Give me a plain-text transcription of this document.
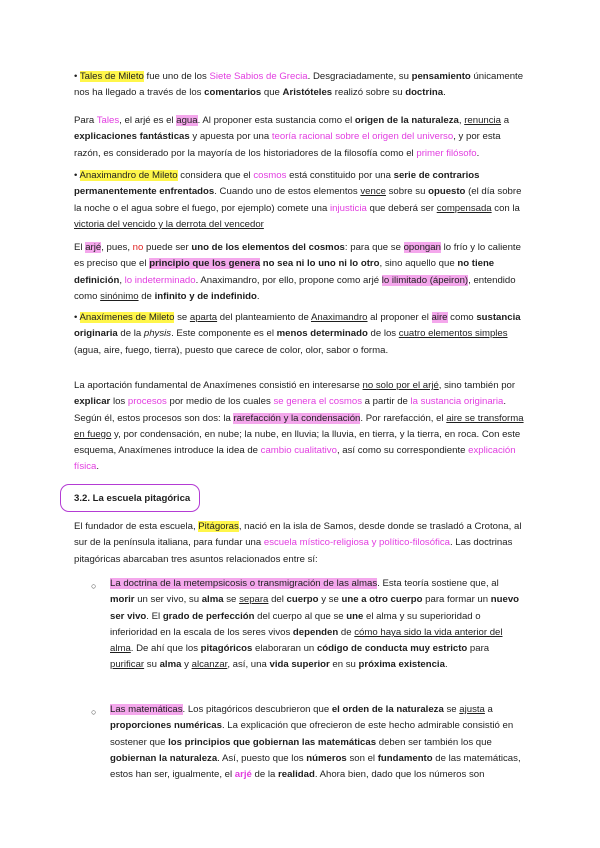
• Tales de Mileto fue uno de los Siete Sabios de Grecia. Desgraciadamente, su pensamiento únicamente nos ha llegado a través de los comentarios que Aristóteles realizó sobre su doctrina.

Para Tales, el arjé es el agua. Al proponer esta sustancia como el origen de la naturaleza, renuncia a explicaciones fantásticas y apuesta por una teoría racional sobre el origen del universo, y por esta razón, es considerado por la mayoría de los historiadores de la filosofía como el primer filósofo.

• Anaximandro de Mileto considera que el cosmos está constituido por una serie de contrarios permanentemente enfrentados. Cuando uno de estos elementos vence sobre su opuesto (el día sobre la noche o el agua sobre el fuego, por ejemplo) comete una injusticia que deberá ser compensada con la victoria del vencido y la derrota del vencedor

El arjé, pues, no puede ser uno de los elementos del cosmos: para que se opongan lo frío y lo caliente es preciso que el principio que los genera no sea ni lo uno ni lo otro, sino aquello que no tiene definición, lo indeterminado. Anaximandro, por ello, propone como arjé lo ilimitado (ápeiron), entendido como sinónimo de infinito y de indefinido.

• Anaxímenes de Mileto se aparta del planteamiento de Anaximandro al proponer el aire como sustancia originaria de la physis. Este componente es el menos determinado de los cuatro elementos simples (agua, aire, fuego, tierra), puesto que carece de color, olor, sabor o forma.

La aportación fundamental de Anaxímenes consistió en interesarse no solo por el arjé, sino también por explicar los procesos por medio de los cuales se genera el cosmos a partir de la sustancia originaria. Según él, estos procesos son dos: la rarefacción y la condensación. Por rarefacción, el aire se transforma en fuego y, por condensación, en nube; la nube, en lluvia; la lluvia, en tierra, y la tierra, en roca. Con este esquema, Anaxímenes introduce la idea de cambio cualitativo, así como su correspondiente explicación física.

3.2. La escuela pitagórica

El fundador de esta escuela, Pitágoras, nació en la isla de Samos, desde donde se trasladó a Crotona, al sur de la península italiana, para fundar una escuela místico-religiosa y político-filosófica. Las doctrinas pitagóricas abarcaban tres asuntos relacionados entre sí:

○ La doctrina de la metempsicosis o transmigración de las almas. Esta teoría sostiene que, al morir un ser vivo, su alma se separa del cuerpo y se une a otro cuerpo para formar un nuevo ser vivo. El grado de perfección del cuerpo al que se une el alma y su superioridad o inferioridad en la escala de los seres vivos dependen de cómo haya sido la vida anterior del alma. De ahí que los pitagóricos elaboraran un código de conducta muy estricto para purificar su alma y alcanzar, así, una vida superior en su próxima existencia.

○ Las matemáticas. Los pitagóricos descubrieron que el orden de la naturaleza se ajusta a proporciones numéricas. La explicación que ofrecieron de este hecho admirable consistió en sostener que los principios que gobiernan las matemáticas deben ser también los que gobiernan la naturaleza. Así, puesto que los números son el fundamento de las matemáticas, estos han ser, igualmente, el arjé de la realidad. Ahora bien, dado que los números son
